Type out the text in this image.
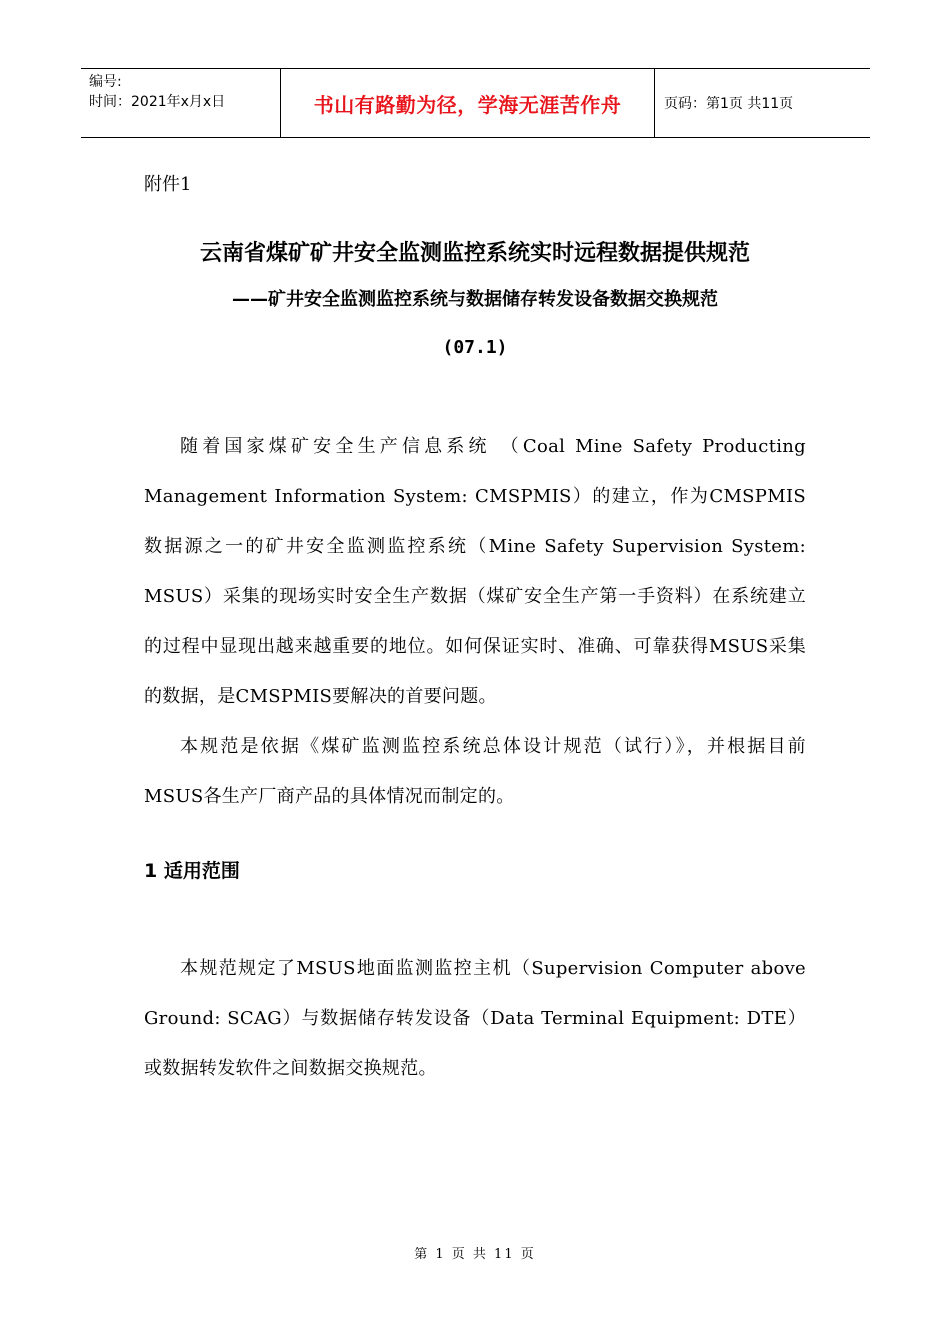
编号:
时间：2021年x月x日	书山有路勤为径，学海无涯苦作舟	页码：第1页 共11页

附件1

云南省煤矿矿井安全监测监控系统实时远程数据提供规范
——矿井安全监测监控系统与数据储存转发设备数据交换规范
(07.1)

随着国家煤矿安全生产信息系统 （Coal Mine Safety Producting Management Information System: CMSPMIS）的建立，作为CMSPMIS数据源之一的矿井安全监测监控系统（Mine Safety Supervision System: MSUS）采集的现场实时安全生产数据（煤矿安全生产第一手资料）在系统建立的过程中显现出越来越重要的地位。如何保证实时、准确、可靠获得MSUS采集的数据，是CMSPMIS要解决的首要问题。

本规范是依据《煤矿监测监控系统总体设计规范（试行）》，并根据目前MSUS各生产厂商产品的具体情况而制定的。

1 适用范围

本规范规定了MSUS地面监测监控主机（Supervision Computer above Ground: SCAG）与数据储存转发设备（Data Terminal Equipment: DTE）或数据转发软件之间数据交换规范。

第 1 页 共 11 页
